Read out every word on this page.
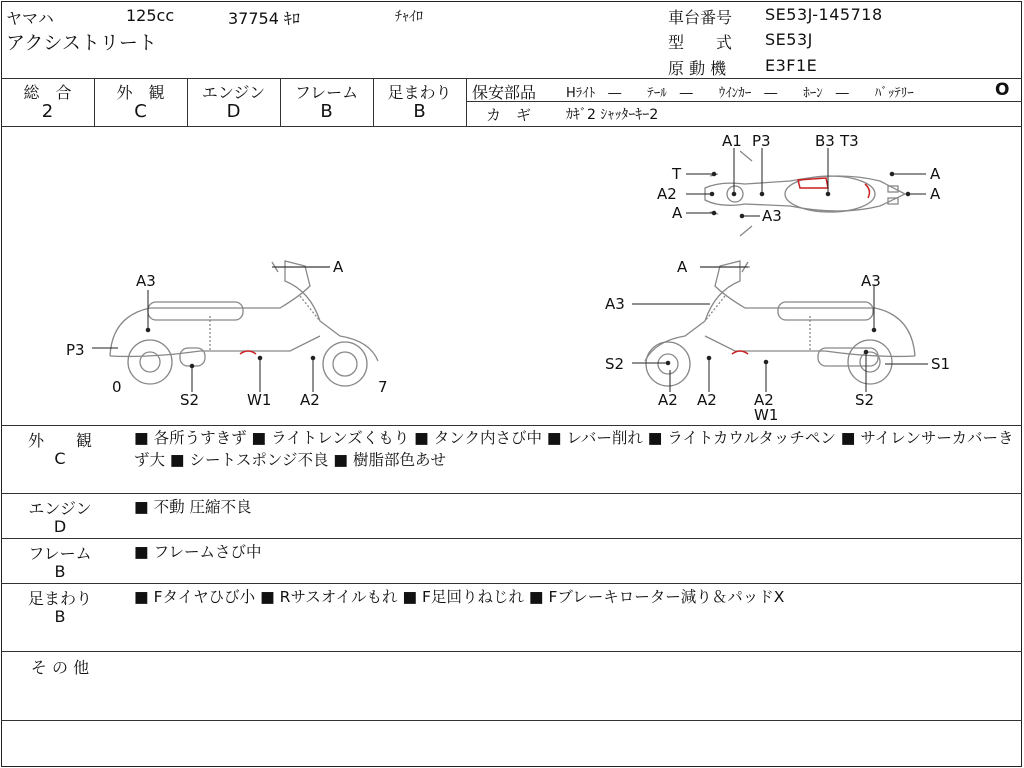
ヤマハ	125cc	37754 ｷﾛ	ﾁｬｲﾛ
アクシストリート
車台番号 SE53J-145718
型　　式 SE53J
原 動 機 E3F1E
総　合
2
外　観
C
エンジン
D
フレーム
B
足まわり
B
保安部品 Hﾗｲﾄ　―　　ﾃｰﾙ　―　　ｳｲﾝｶｰ　―　　ﾎｰﾝ　―　　ﾊﾞｯﾃﾘｰ	O
カ　ギ ｶｷﾞ2 ｼｬｯﾀｰｷｰ2
A3
P3
0
S2	W1 A2
7
A	A
A3
S2
A2 A2 A2
W1
S2
S1
A3
A1 P3	B3 T3
T
A2
A	A3
A
A
外　　観
C
■ 各所うすきず ■ ライトレンズくもり ■ タンク内さび中 ■ レバー削れ ■ ライトカウルタッチペン ■ サイレンサーカバーきず大 ■ シートスポンジ不良 ■ 樹脂部色あせ
エンジン
D
■ 不動 圧縮不良
フレーム
B
■ フレームさび中
足まわり
B
■ Fタイヤひび小 ■ Rサスオイルもれ ■ F足回りねじれ ■ Fブレーキローター減り＆パッドX
そ の 他
